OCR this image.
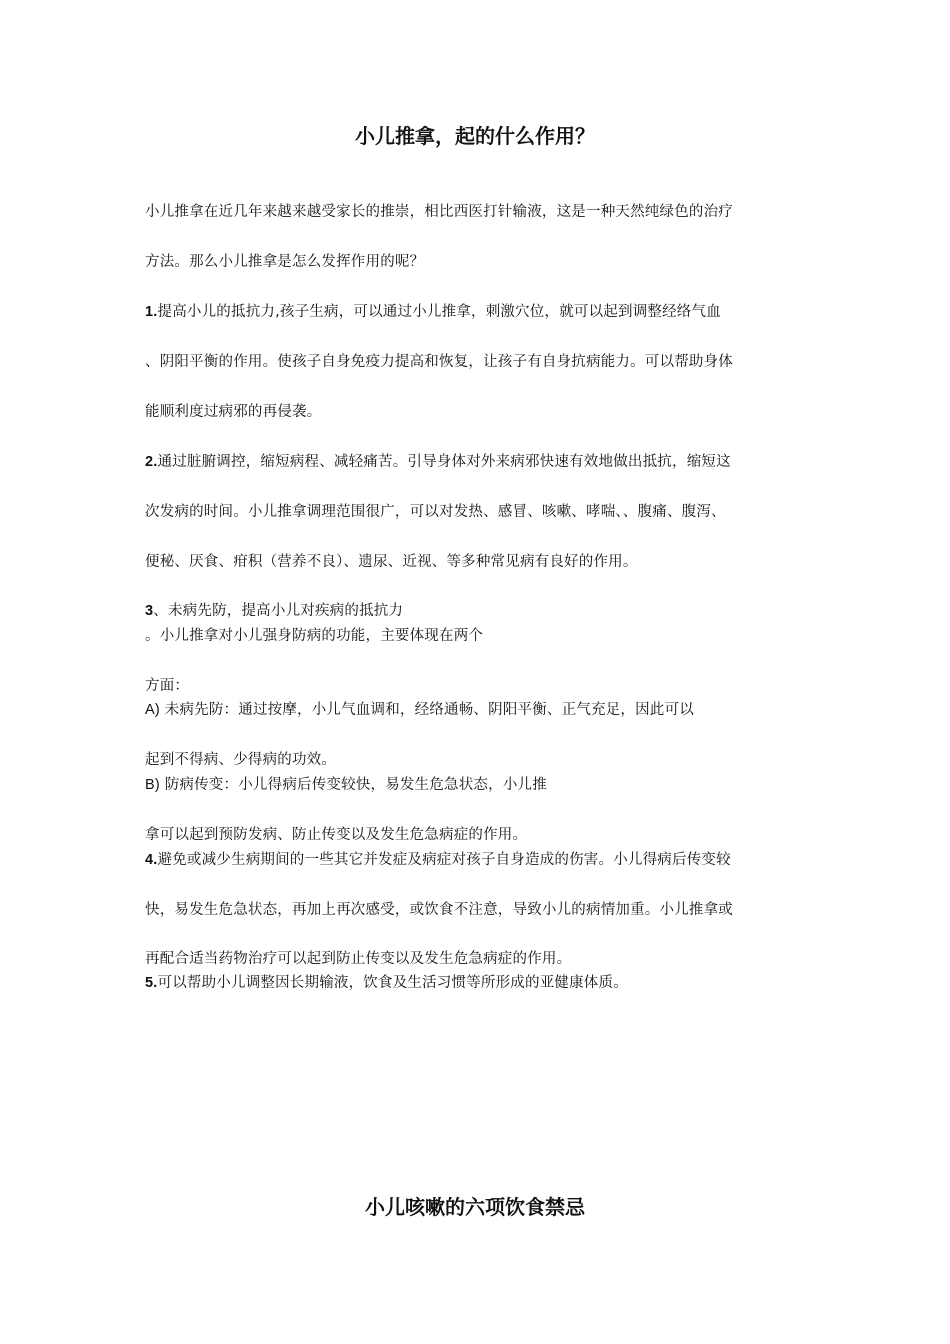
小儿推拿，起的什么作用？
小儿推拿在近几年来越来越受家长的推崇，相比西医打针输液，这是一种天然纯绿色的治疗
方法。那么小儿推拿是怎么发挥作用的呢？
1.提高小儿的抵抗力,孩子生病，可以通过小儿推拿，刺激穴位，就可以起到调整经络气血
、阴阳平衡的作用。使孩子自身免疫力提高和恢复，让孩子有自身抗病能力。可以帮助身体
能顺利度过病邪的再侵袭。
2.通过脏腑调控，缩短病程、减轻痛苦。引导身体对外来病邪快速有效地做出抵抗，缩短这
次发病的时间。小儿推拿调理范围很广，可以对发热、感冒、咳嗽、哮喘、、腹痛、腹泻、
便秘、厌食、疳积（营养不良）、遗尿、近视、等多种常见病有良好的作用。
3、未病先防，提高小儿对疾病的抵抗力
。小儿推拿对小儿强身防病的功能，主要体现在两个
方面：
A) 未病先防：通过按摩，小儿气血调和，经络通畅、阴阳平衡、正气充足，因此可以
起到不得病、少得病的功效。
B) 防病传变：小儿得病后传变较快，易发生危急状态，小儿推
拿可以起到预防发病、防止传变以及发生危急病症的作用。
4.避免或减少生病期间的一些其它并发症及病症对孩子自身造成的伤害。小儿得病后传变较
快，易发生危急状态，再加上再次感受，或饮食不注意，导致小儿的病情加重。小儿推拿或
再配合适当药物治疗可以起到防止传变以及发生危急病症的作用。
5.可以帮助小儿调整因长期输液，饮食及生活习惯等所形成的亚健康体质。
小儿咳嗽的六项饮食禁忌
